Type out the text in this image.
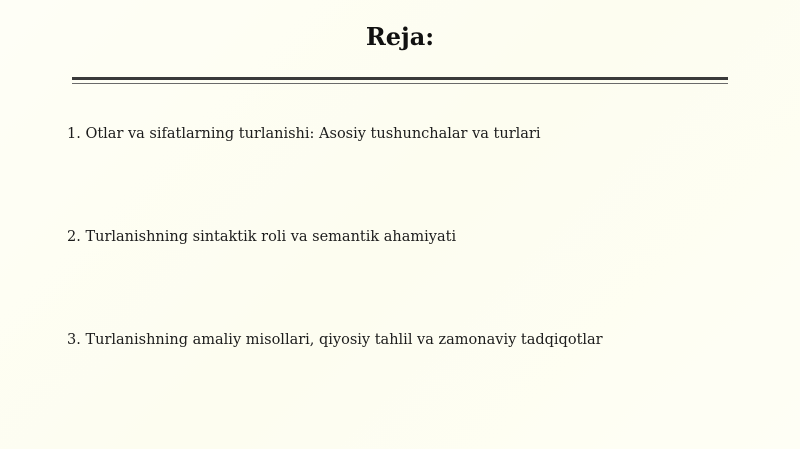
Reja:
1. Otlar va sifatlarning turlanishi: Asosiy tushunchalar va turlari
2. Turlanishning sintaktik roli va semantik ahamiyati
3. Turlanishning amaliy misollari, qiyosiy tahlil va zamonaviy tadqiqotlar
